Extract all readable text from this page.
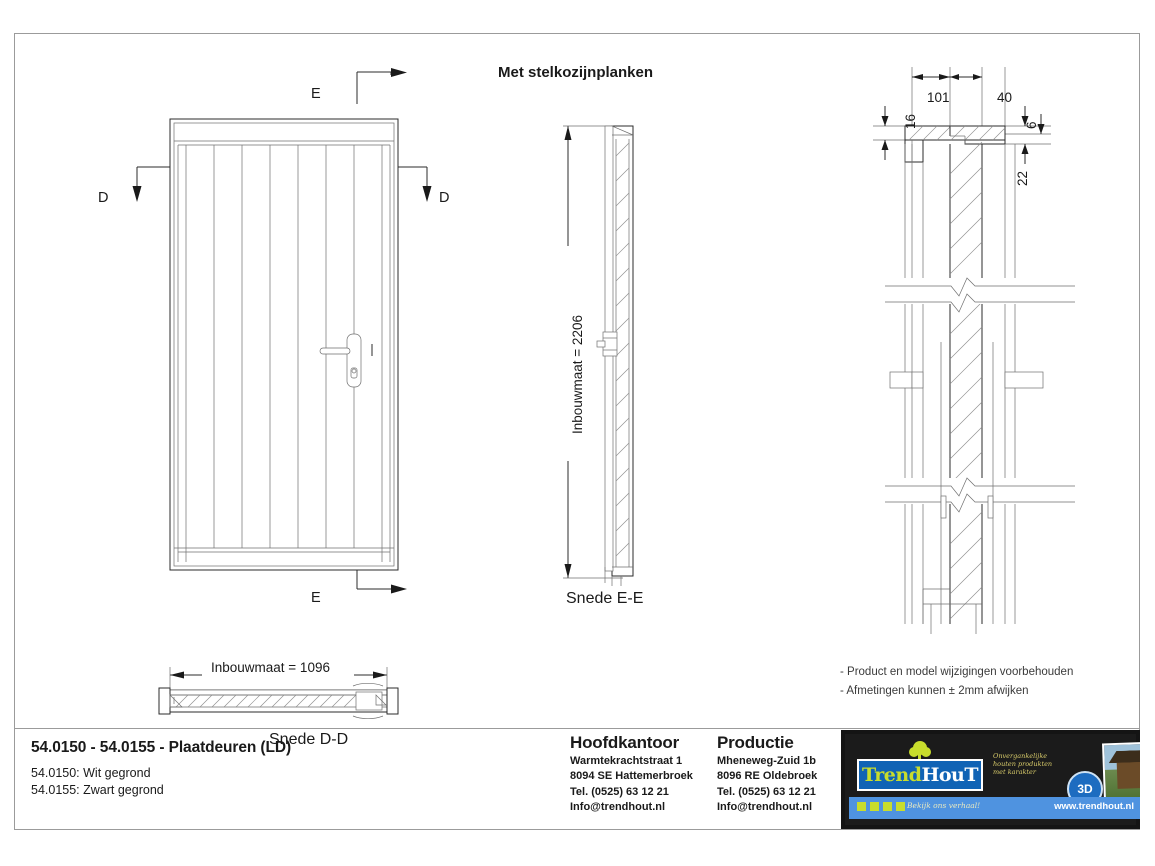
E
D	D
E
Inbouwmaat = 1096
Snede D-D
Met stelkozijnplanken
Inbouwmaat = 2206
Snede E-E
16
101	40
6
22
- Product en model wijzigingen voorbehouden
- Afmetingen kunnen ± 2mm afwijken
54.0150 - 54.0155 - Plaatdeuren (LD)
54.0150: Wit gegrond
54.0155: Zwart gegrond
Hoofdkantoor
Warmtekrachtstraat 1
8094 SE Hattemerbroek
Tel. (0525) 63 12 21
Info@trendhout.nl
Productie
Mheneweg-Zuid 1b
8096 RE Oldebroek
Tel. (0525) 63 12 21
Info@trendhout.nl
Trend HouT
Onvergankelijke houten produkten met karakter
3D
Bekijk ons verhaal!	www.trendhout.nl
